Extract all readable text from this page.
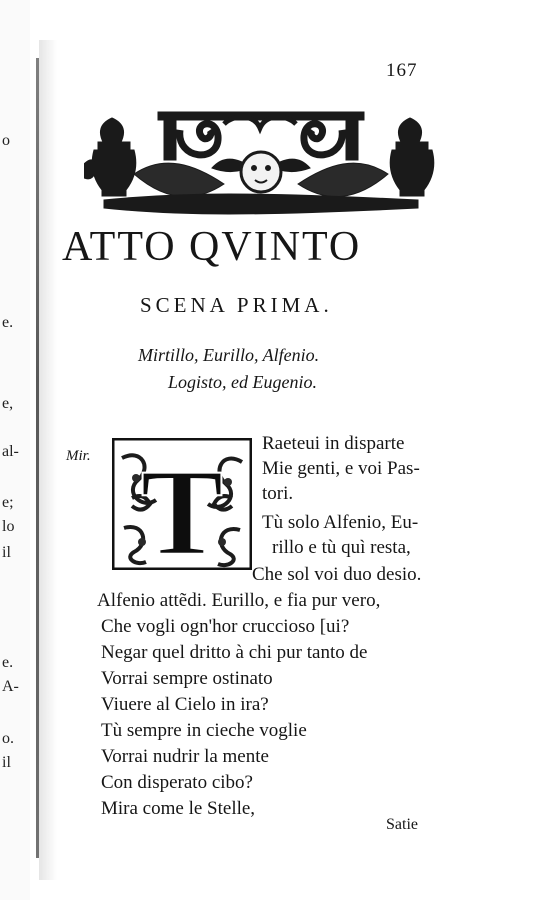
o
e.
e,
al-
e;
lo
il
e.
A-
o.
il
167
ATTO QVINTO
SCENA PRIMA.
Mirtillo, Eurillo, Alfenio.
Logisto, ed Eugenio.
Mir. T
Raeteui in disparte
Mie genti, e voi Pas-
tori.
Tù solo Alfenio, Eu-
rillo e tù quì resta,
Che sol voi duo desio.
Alfenio attẽdi. Eurillo, e fia pur vero,
Che vogli ogn'hor cruccioso [ui?
Negar quel dritto à chi pur tanto de
Vorrai sempre ostinato
Viuere al Cielo in ira?
Tù sempre in cieche voglie
Vorrai nudrir la mente
Con disperato cibo?
Mira come le Stelle,
Satie
